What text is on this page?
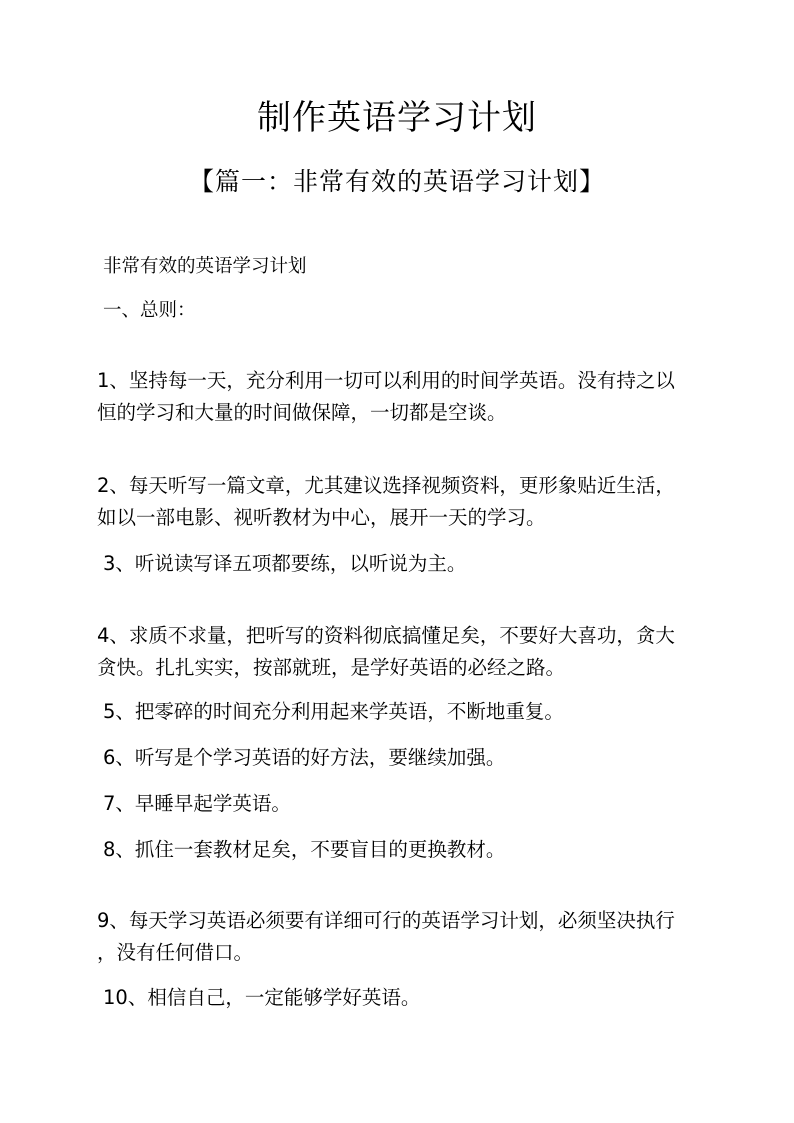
制作英语学习计划
【篇一：非常有效的英语学习计划】
非常有效的英语学习计划
一、总则：
1、坚持每一天，充分利用一切可以利用的时间学英语。没有持之以
恒的学习和大量的时间做保障，一切都是空谈。
2、每天听写一篇文章，尤其建议选择视频资料，更形象贴近生活，
如以一部电影、视听教材为中心，展开一天的学习。
3、听说读写译五项都要练，以听说为主。
4、求质不求量，把听写的资料彻底搞懂足矣，不要好大喜功，贪大
贪快。扎扎实实，按部就班，是学好英语的必经之路。
5、把零碎的时间充分利用起来学英语，不断地重复。
6、听写是个学习英语的好方法，要继续加强。
7、早睡早起学英语。
8、抓住一套教材足矣，不要盲目的更换教材。
9、每天学习英语必须要有详细可行的英语学习计划，必须坚决执行
，没有任何借口。
10、相信自己，一定能够学好英语。
